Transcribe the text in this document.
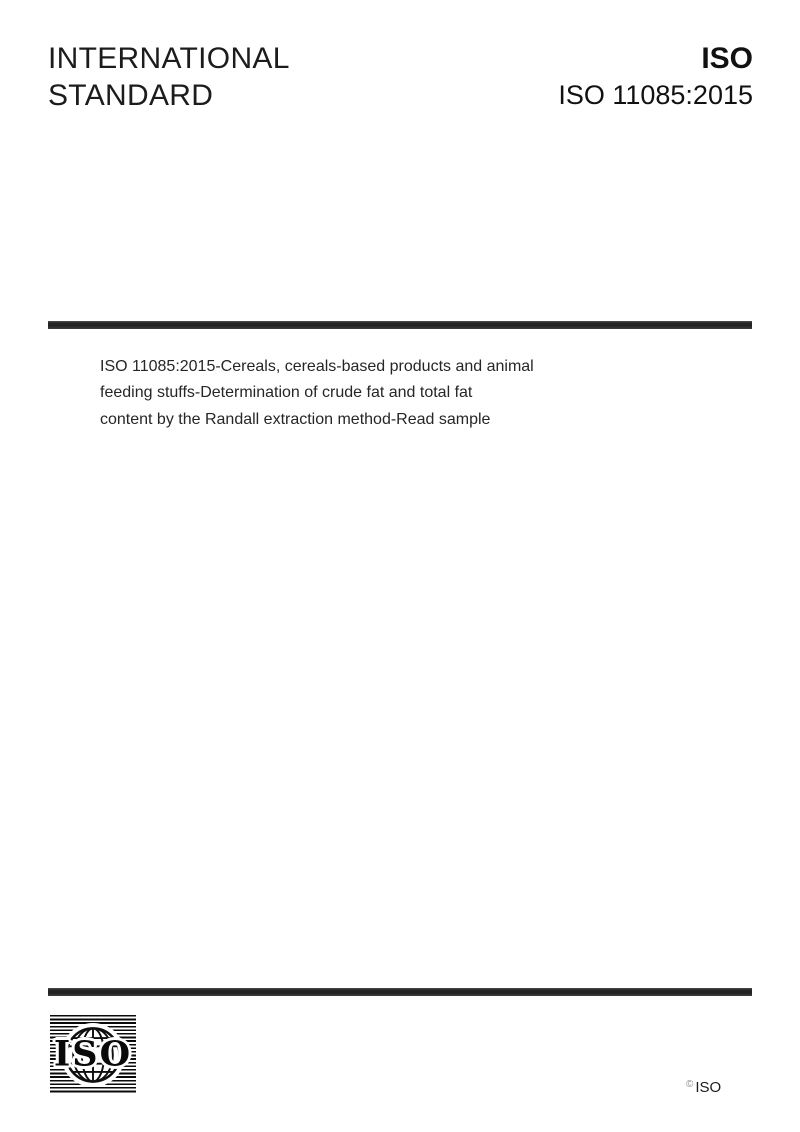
INTERNATIONAL
STANDARD
ISO
ISO 11085:2015
ISO 11085:2015-Cereals, cereals-based products and animal
feeding stuffs-Determination of crude fat and total fat
content by the Randall extraction method-Read sample
ISO
© ISO
